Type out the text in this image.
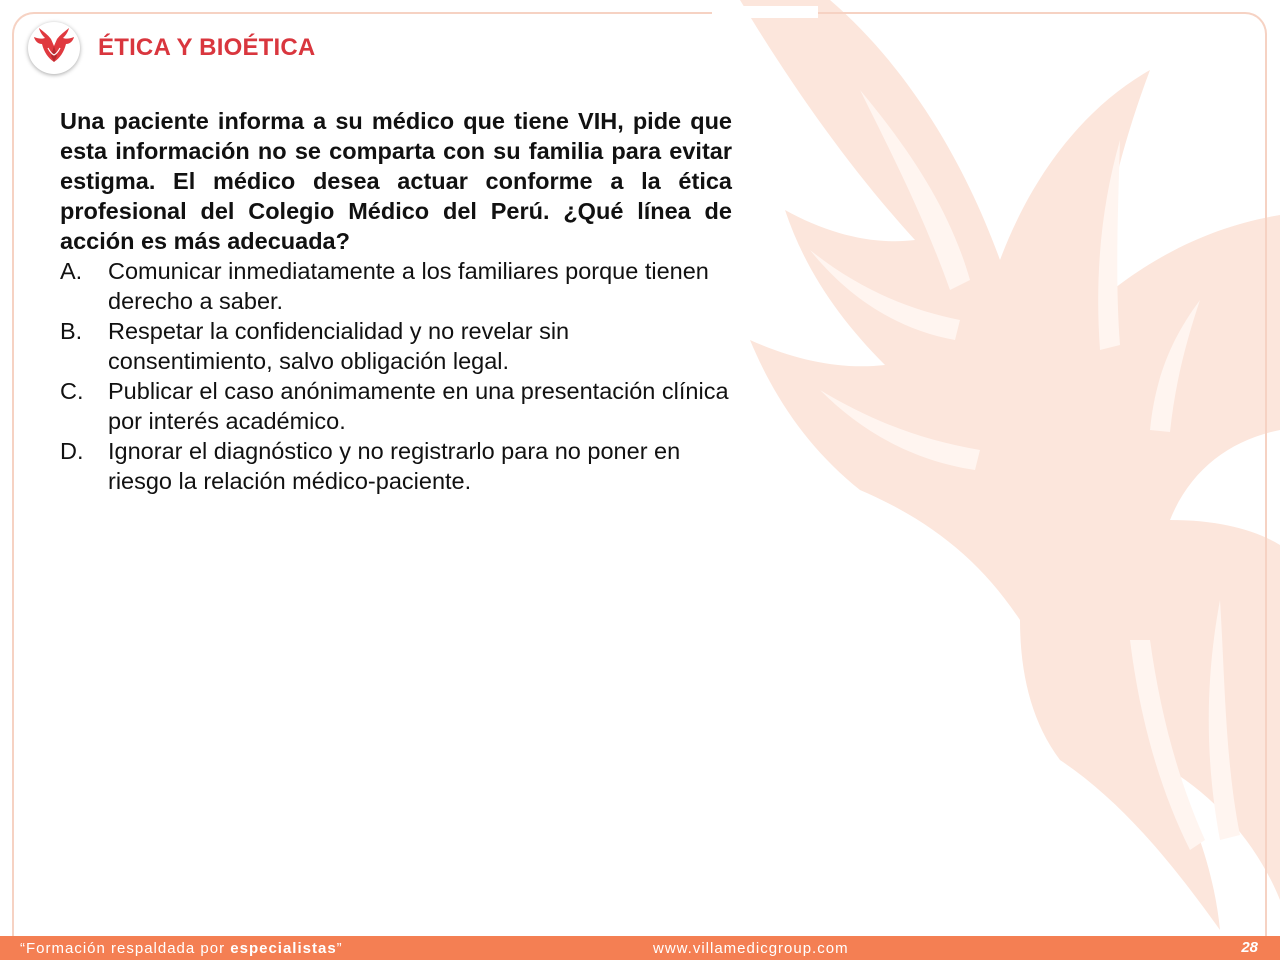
ÉTICA Y BIOÉTICA

Una paciente informa a su médico que tiene VIH, pide que esta información no se comparta con su familia para evitar estigma. El médico desea actuar conforme a la ética profesional del Colegio Médico del Perú. ¿Qué línea de acción es más adecuada?

A.	Comunicar inmediatamente a los familiares porque tienen derecho a saber.
B.	Respetar la confidencialidad y no revelar sin consentimiento, salvo obligación legal.
C.	Publicar el caso anónimamente en una presentación clínica por interés académico.
D.	Ignorar el diagnóstico y no registrarlo para no poner en riesgo la relación médico-paciente.
“Formación respaldada por especialistas”	www.villamedicgroup.com	28
